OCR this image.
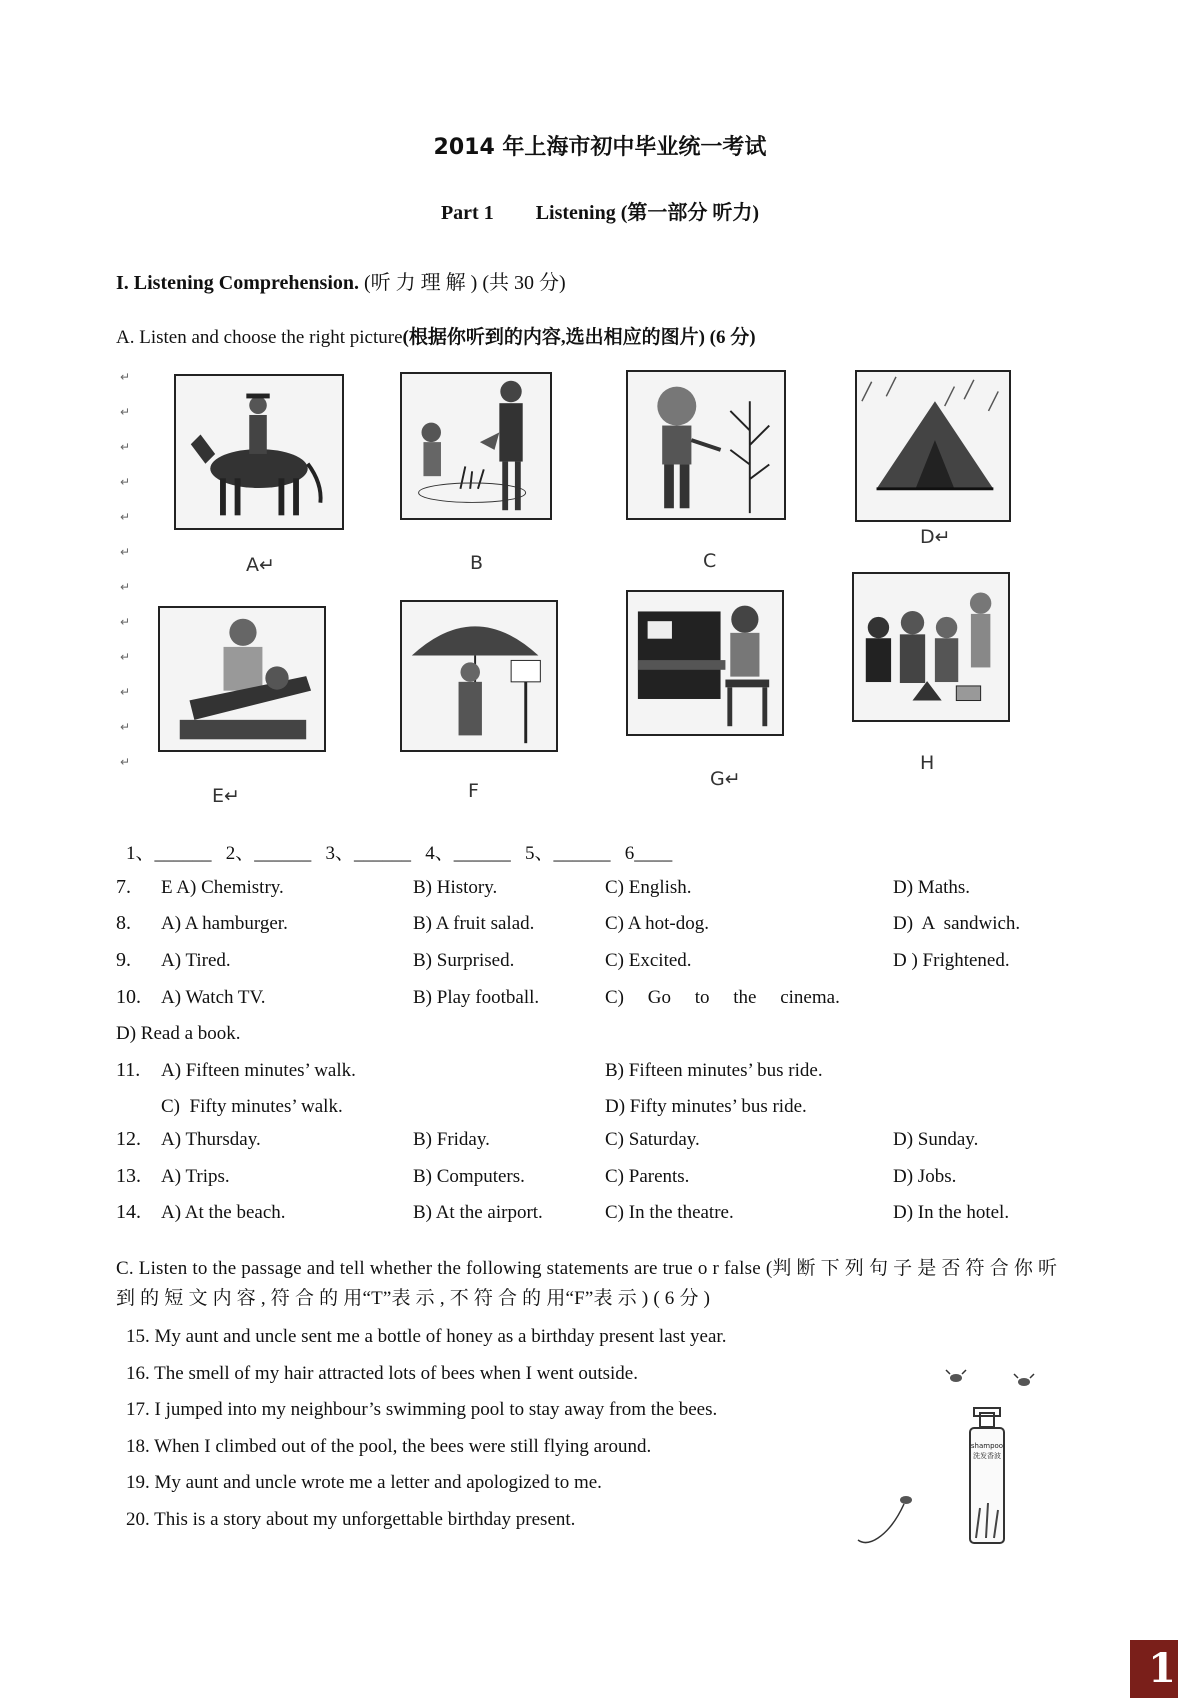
2014 年上海市初中毕业统一考试
Part 1 Listening (第一部分 听力)
I. Listening Comprehension. (听 力 理 解 ) (共 30 分)
A. Listen and choose the right picture(根据你听到的内容,选出相应的图片) (6 分)
↵
↵
↵
↵
↵
↵
↵
↵
↵
↵
↵
↵
A↵	B	C
D↵
E↵	F
G↵
H
1、______   2、______   3、______   4、______   5、______   6____
7. E A) Chemistry.	B) History.	C) English.	D) Maths.
8. A) A hamburger.	B) A fruit salad.	C) A hot-dog.	D)  A  sandwich.
9. A) Tired.	B) Surprised.	C) Excited.	D ) Frightened.
10. A) Watch TV.	B) Play football.	C)     Go     to     the     cinema.
D) Read a book.
11. A) Fifteen minutes’ walk.	B) Fifteen minutes’ bus ride.
C)  Fifty minutes’ walk.	D) Fifty minutes’ bus ride.
12. A) Thursday.	B) Friday.	C) Saturday.	D) Sunday.
13. A) Trips.	B) Computers.	C) Parents.	D) Jobs.
14. A) At the beach.	B) At the airport.	C) In the theatre.	D) In the hotel.
C. Listen to the passage and tell whether the following statements are true o r false (判 断 下 列 句 子 是 否 符 合 你 听 到 的 短 文 内 容 , 符 合 的 用“T”表 示 , 不 符 合 的 用“F”表 示 ) ( 6 分 )
15. My aunt and uncle sent me a bottle of honey as a birthday present last year.
16. The smell of my hair attracted lots of bees when I went outside.
17. I jumped into my neighbour’s swimming pool to stay away from the bees.
18. When I climbed out of the pool, the bees were still flying around.
19. My aunt and uncle wrote me a letter and apologized to me.
20. This is a story about my unforgettable birthday present.
shampoo
洗发香波
1
